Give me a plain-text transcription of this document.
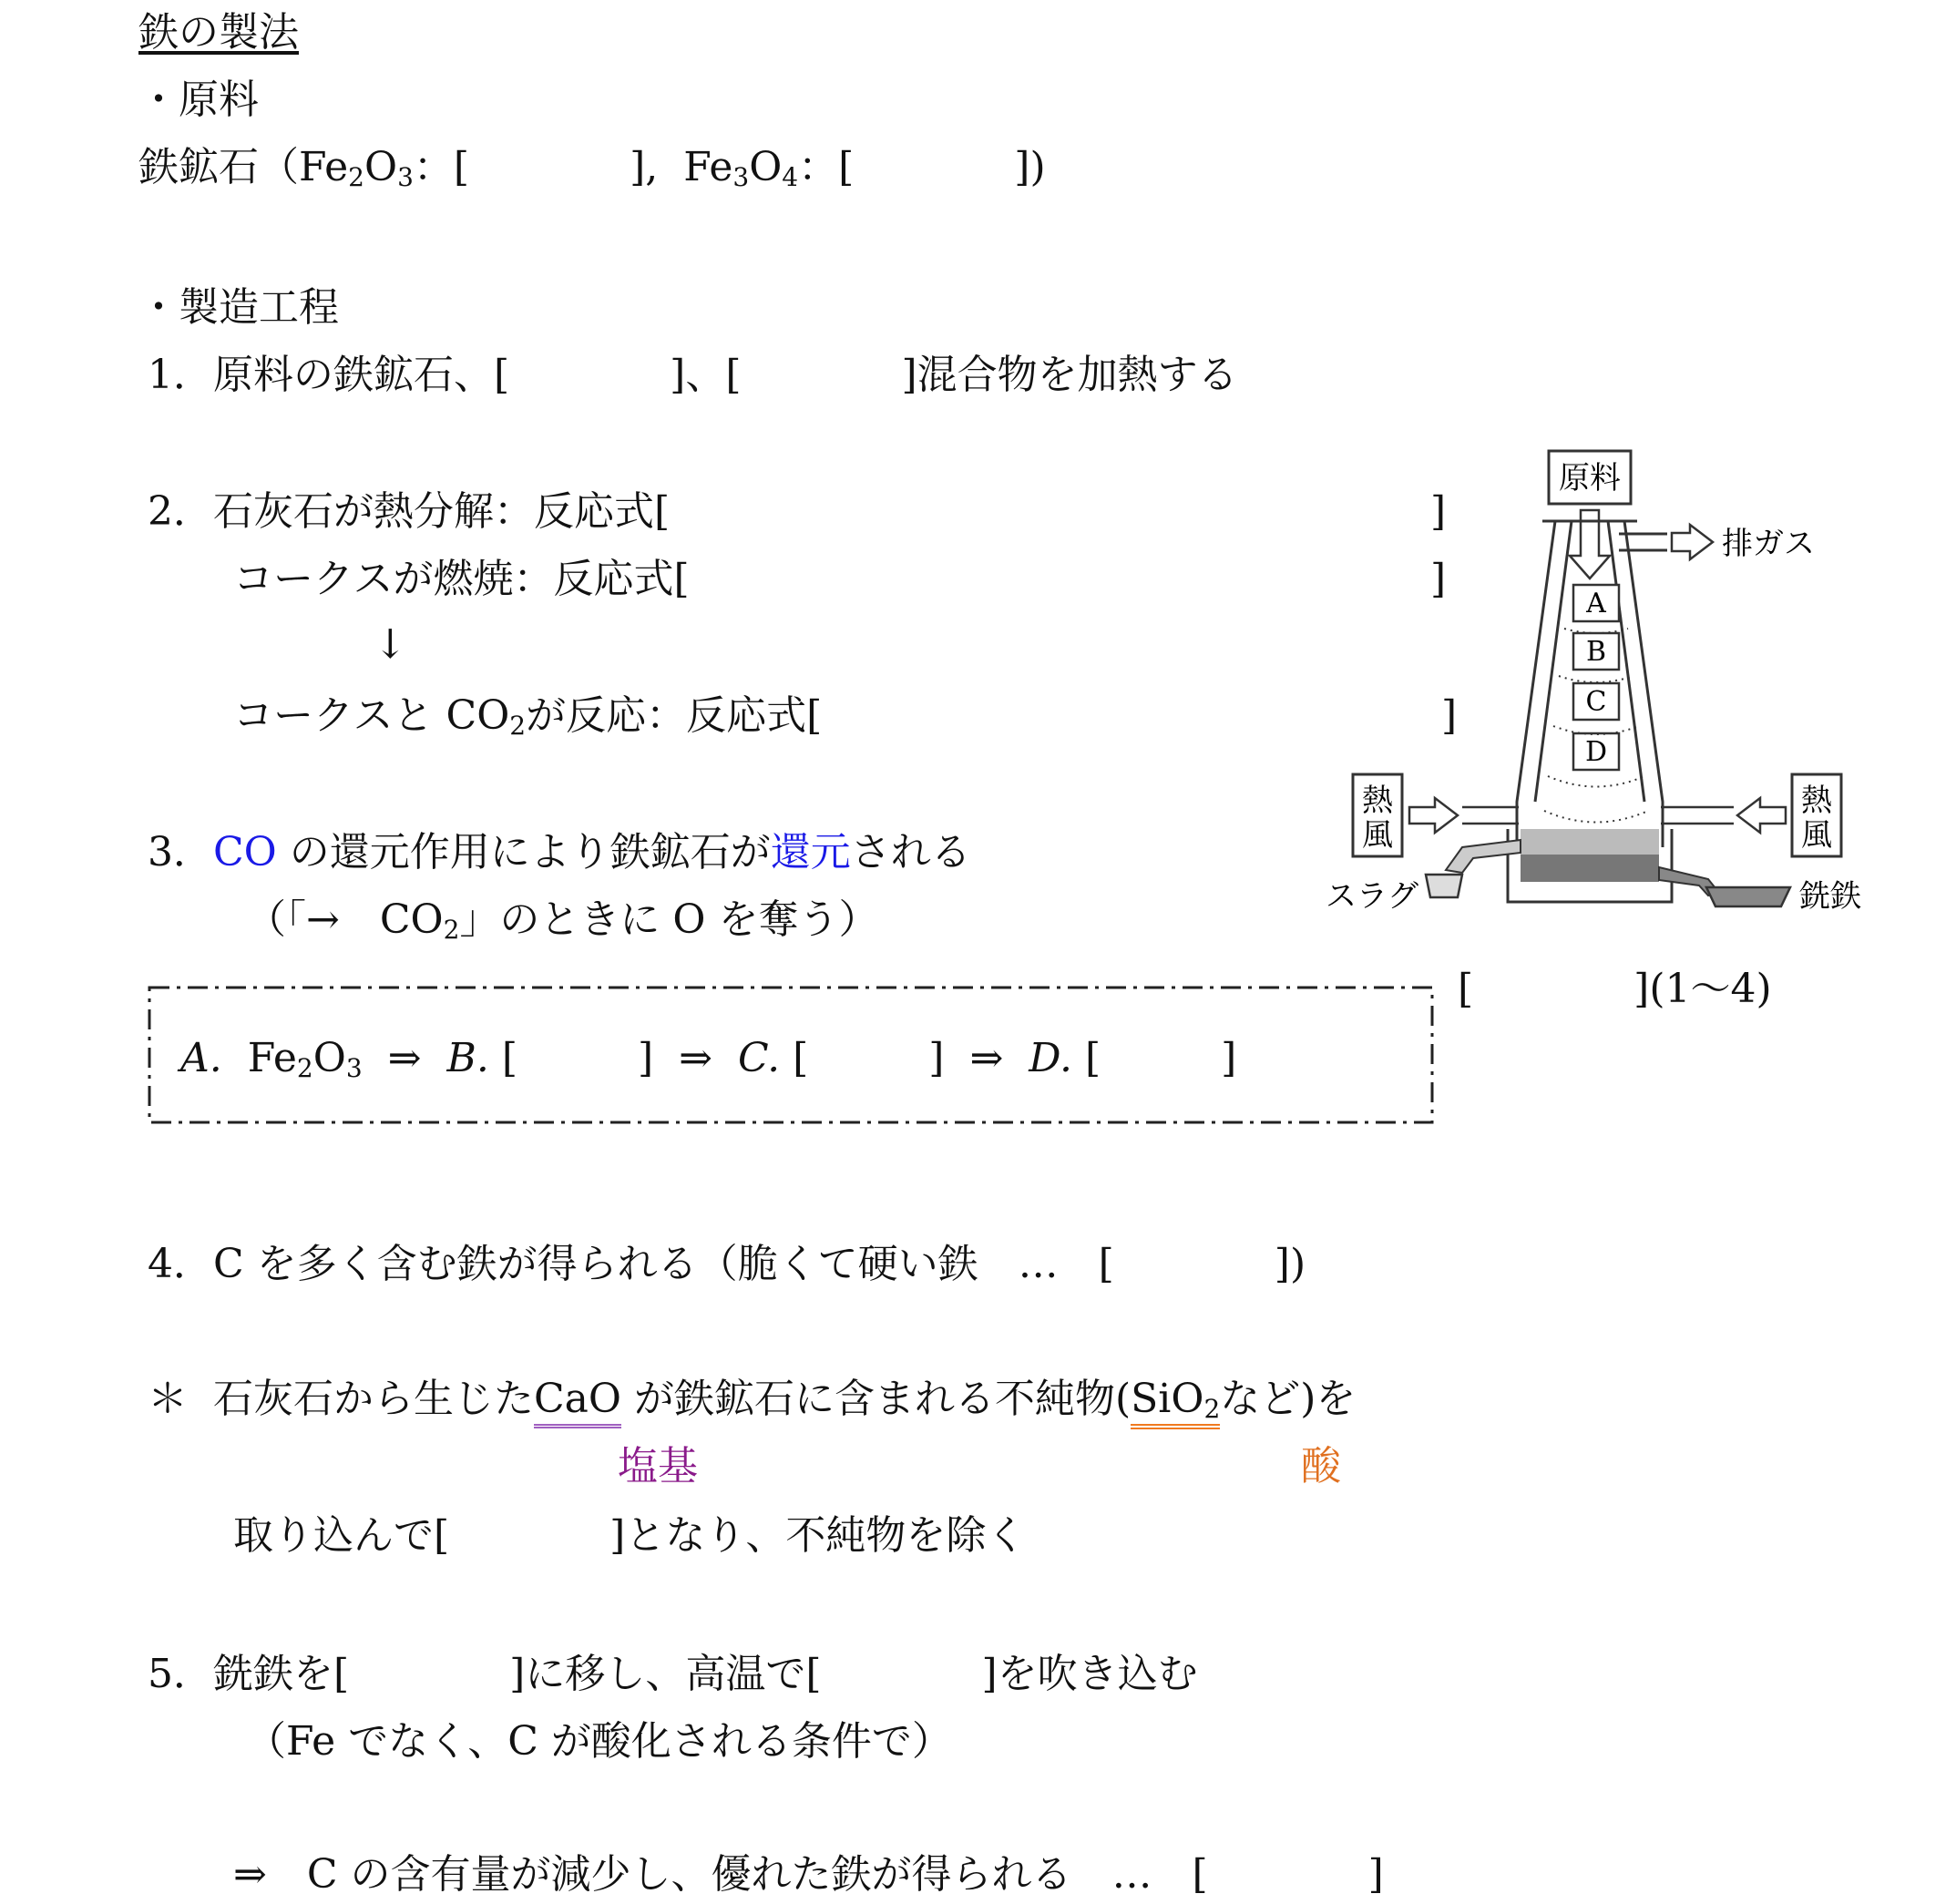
鉄の製法
・原料
鉄鉱石（$Fe_2O_3$：[　　　　], $Fe_3O_4$：[　　　　])
・製造工程
1．原料の鉄鉱石、[　　　　]、[　　　　]混合物を加熱する
2．石灰石が熱分解：反応式[	]
コークスが燃焼：反応式[	]
↓
コークスと $CO_2$が反応：反応式[	]
3．CO の還元作用により鉄鉱石が還元される
（「→　$CO_2$」のときに O を奪う）
[　　　　](1～4)
A. $Fe_2O_3$ ⇒ B. [　　　] ⇒ C. [　　　] ⇒ D. [　　　]
4．C を多く含む鉄が得られる（脆くて硬い鉄　…　[　　　　])
＊ 石灰石から生じたCaO が鉄鉱石に含まれる不純物(SiO$_2$など)を
塩基	酸
取り込んで[　　　　]となり、不純物を除く
5．銑鉄を[　　　　]に移し、高温で[　　　　]を吹き込む
（Fe でなく、C が酸化される条件で）
⇒　C の含有量が減少し、優れた鉄が得られる　…　[　　　　]
原料
排ガス
A
B
C
D
熱
風
熱
風
スラグ	銑鉄
